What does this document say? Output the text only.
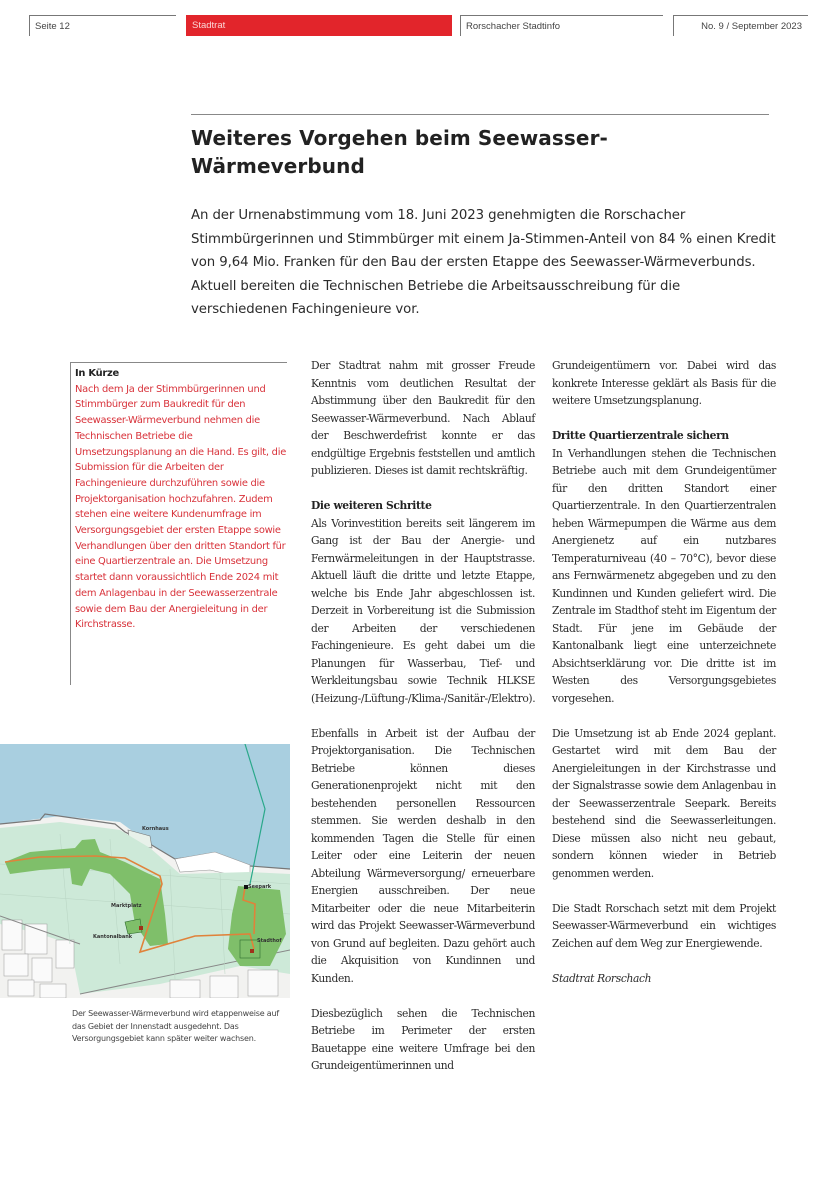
Seite 12	Stadtrat	Rorschacher Stadtinfo	No. 9 / September 2023
Weiteres Vorgehen beim Seewasser-
Wärmeverbund

An der Urnenabstimmung vom 18. Juni 2023 genehmigten die Rorschacher Stimmbürgerinnen und Stimmbürger mit einem Ja-Stimmen-Anteil von 84 % einen Kredit von 9,64 Mio. Franken für den Bau der ersten Etappe des Seewasser-Wärmeverbunds. Aktuell bereiten die Technischen Betriebe die Arbeitsausschreibung für die verschiedenen Fachingenieure vor.

In Kürze

Nach dem Ja der Stimmbürgerinnen und Stimmbürger zum Baukredit für den Seewasser-Wärmeverbund nehmen die Technischen Betriebe die Umsetzungsplanung an die Hand. Es gilt, die Submission für die Arbeiten der Fachingenieure durchzuführen sowie die Projektorganisation hochzufahren. Zudem stehen eine weitere Kundenumfrage im Versorgungsgebiet der ersten Etappe sowie Verhandlungen über den dritten Standort für eine Quartierzentrale an. Die Umsetzung startet dann voraussichtlich Ende 2024 mit dem Anlagenbau in der Seewasserzentrale sowie dem Bau der Anergieleitung in der Kirchstrasse.

Der Stadtrat nahm mit grosser Freude Kenntnis vom deutlichen Resultat der Abstimmung über den Baukredit für den Seewasser-Wärmeverbund. Nach Ablauf der Beschwerdefrist konnte er das endgültige Ergebnis feststellen und amtlich publizieren. Dieses ist damit rechtskräftig.

Die weiteren Schritte

Als Vorinvestition bereits seit längerem im Gang ist der Bau der Anergie- und Fernwärmeleitungen in der Hauptstrasse. Aktuell läuft die dritte und letzte Etappe, welche bis Ende Jahr abgeschlossen ist. Derzeit in Vorbereitung ist die Submission der Arbeiten der verschiedenen Fachingenieure. Es geht dabei um die Planungen für Wasserbau, Tief- und Werkleitungsbau sowie Technik HLKSE (Heizung-/Lüftung-/Klima-/Sanitär-/Elektro).

Ebenfalls in Arbeit ist der Aufbau der Projektorganisation. Die Technischen Betriebe können dieses Generationenprojekt nicht mit den bestehenden personellen Ressourcen stemmen. Sie werden deshalb in den kommenden Tagen die Stelle für einen Leiter oder eine Leiterin der neuen Abteilung Wärmeversorgung/ erneuerbare Energien ausschreiben. Der neue Mitarbeiter oder die neue Mitarbeiterin wird das Projekt Seewasser-Wärmeverbund von Grund auf begleiten. Dazu gehört auch die Akquisition von Kundinnen und Kunden.

Diesbezüglich sehen die Technischen Betriebe im Perimeter der ersten Bauetappe eine weitere Umfrage bei den Grundeigentümerinnen und

Grundeigentümern vor. Dabei wird das konkrete Interesse geklärt als Basis für die weitere Umsetzungsplanung.

Dritte Quartierzentrale sichern

In Verhandlungen stehen die Technischen Betriebe auch mit dem Grundeigentümer für den dritten Standort einer Quartierzentrale. In den Quartierzentralen heben Wärmepumpen die Wärme aus dem Anergienetz auf ein nutzbares Temperaturniveau (40 – 70°C), bevor diese ans Fernwärmenetz abgegeben und zu den Kundinnen und Kunden geliefert wird. Die Zentrale im Stadthof steht im Eigentum der Stadt. Für jene im Gebäude der Kantonalbank liegt eine unterzeichnete Absichtserklärung vor. Die dritte ist im Westen des Versorgungsgebietes vorgesehen.

Die Umsetzung ist ab Ende 2024 geplant. Gestartet wird mit dem Bau der Anergieleitungen in der Kirchstrasse und der Signalstrasse sowie dem Anlagenbau in der Seewasserzentrale Seepark. Bereits bestehend sind die Seewasserleitungen. Diese müssen also nicht neu gebaut, sondern können wieder in Betrieb genommen werden.

Die Stadt Rorschach setzt mit dem Projekt Seewasser-Wärmeverbund ein wichtiges Zeichen auf dem Weg zur Energiewende.

Stadtrat Rorschach

Kornhaus
Marktplatz
Kantonalbank
Seepark
Stadthof

Der Seewasser-Wärmeverbund wird etappenweise auf das Gebiet der Innenstadt ausgedehnt. Das Versorgungsgebiet kann später weiter wachsen.
